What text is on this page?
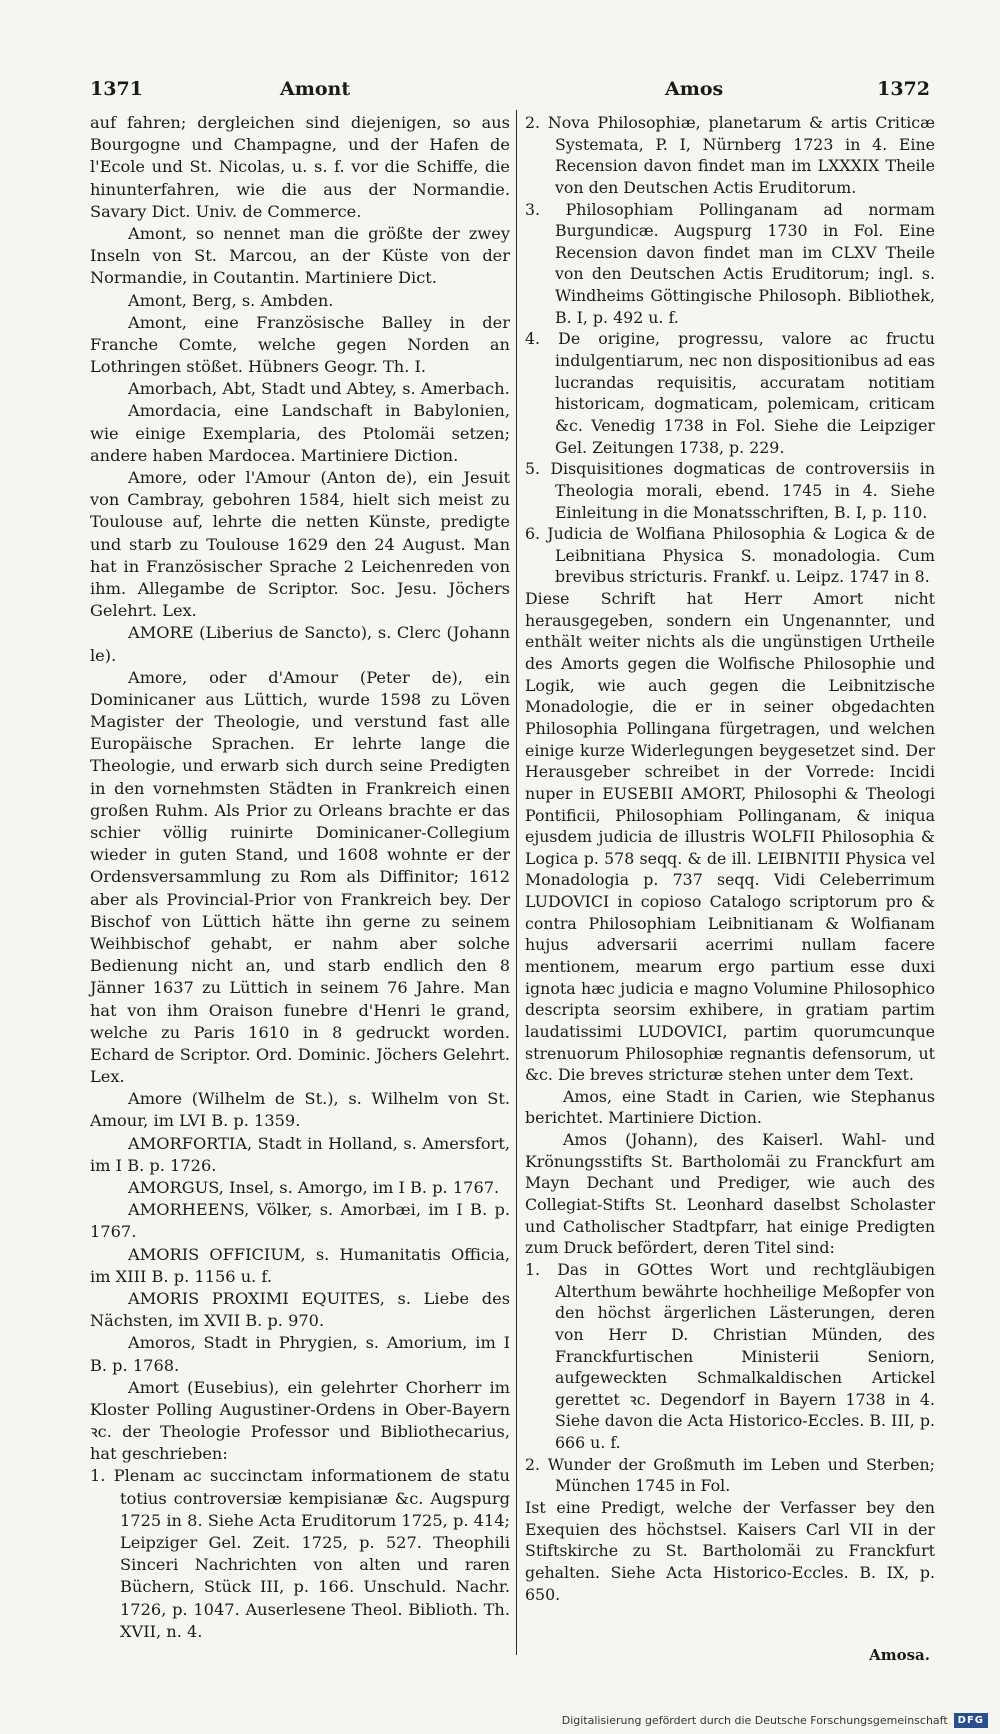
1371	Amont	Amos	1372

auf fahren; dergleichen sind diejenigen, so aus Bourgogne und Champagne, und der Hafen de l'Ecole und St. Nicolas, u. s. f. vor die Schiffe, die hinunterfahren, wie die aus der Normandie. Savary Dict. Univ. de Commerce.

Amont, so nennet man die größte der zwey Inseln von St. Marcou, an der Küste von der Normandie, in Coutantin. Martiniere Dict.

Amont, Berg, s. Ambden.

Amont, eine Französische Balley in der Franche Comte, welche gegen Norden an Lothringen stößet. Hübners Geogr. Th. I.

Amorbach, Abt, Stadt und Abtey, s. Amerbach.

Amordacia, eine Landschaft in Babylonien, wie einige Exemplaria, des Ptolomäi setzen; andere haben Mardocea. Martiniere Diction.

Amore, oder l'Amour (Anton de), ein Jesuit von Cambray, gebohren 1584, hielt sich meist zu Toulouse auf, lehrte die netten Künste, predigte und starb zu Toulouse 1629 den 24 August. Man hat in Französischer Sprache 2 Leichenreden von ihm. Allegambe de Scriptor. Soc. Jesu. Jöchers Gelehrt. Lex.

AMORE (Liberius de Sancto), s. Clerc (Johann le).

Amore, oder d'Amour (Peter de), ein Dominicaner aus Lüttich, wurde 1598 zu Löven Magister der Theologie, und verstund fast alle Europäische Sprachen. Er lehrte lange die Theologie, und erwarb sich durch seine Predigten in den vornehmsten Städten in Frankreich einen großen Ruhm. Als Prior zu Orleans brachte er das schier völlig ruinirte Dominicaner-Collegium wieder in guten Stand, und 1608 wohnte er der Ordensversammlung zu Rom als Diffinitor; 1612 aber als Provincial-Prior von Frankreich bey. Der Bischof von Lüttich hätte ihn gerne zu seinem Weihbischof gehabt, er nahm aber solche Bedienung nicht an, und starb endlich den 8 Jänner 1637 zu Lüttich in seinem 76 Jahre. Man hat von ihm Oraison funebre d'Henri le grand, welche zu Paris 1610 in 8 gedruckt worden. Echard de Scriptor. Ord. Dominic. Jöchers Gelehrt. Lex.

Amore (Wilhelm de St.), s. Wilhelm von St. Amour, im LVI B. p. 1359.

AMORFORTIA, Stadt in Holland, s. Amersfort, im I B. p. 1726.

AMORGUS, Insel, s. Amorgo, im I B. p. 1767.

AMORHEENS, Völker, s. Amorbæi, im I B. p. 1767.

AMORIS OFFICIUM, s. Humanitatis Officia, im XIII B. p. 1156 u. f.

AMORIS PROXIMI EQUITES, s. Liebe des Nächsten, im XVII B. p. 970.

Amoros, Stadt in Phrygien, s. Amorium, im I B. p. 1768.

Amort (Eusebius), ein gelehrter Chorherr im Kloster Polling Augustiner-Ordens in Ober-Bayern ꝛc. der Theologie Professor und Bibliothecarius, hat geschrieben:

1. Plenam ac succinctam informationem de statu totius controversiæ kempisianæ &c. Augspurg 1725 in 8. Siehe Acta Eruditorum 1725, p. 414; Leipziger Gel. Zeit. 1725, p. 527. Theophili Sinceri Nachrichten von alten und raren Büchern, Stück III, p. 166. Unschuld. Nachr. 1726, p. 1047. Auserlesene Theol. Biblioth. Th. XVII, n. 4.

2. Nova Philosophiæ, planetarum & artis Criticæ Systemata, P. I, Nürnberg 1723 in 4. Eine Recension davon findet man im LXXXIX Theile von den Deutschen Actis Eruditorum.

3. Philosophiam Pollinganam ad normam Burgundicæ. Augspurg 1730 in Fol. Eine Recension davon findet man im CLXV Theile von den Deutschen Actis Eruditorum; ingl. s. Windheims Göttingische Philosoph. Bibliothek, B. I, p. 492 u. f.

4. De origine, progressu, valore ac fructu indulgentiarum, nec non dispositionibus ad eas lucrandas requisitis, accuratam notitiam historicam, dogmaticam, polemicam, criticam &c. Venedig 1738 in Fol. Siehe die Leipziger Gel. Zeitungen 1738, p. 229.

5. Disquisitiones dogmaticas de controversiis in Theologia morali, ebend. 1745 in 4. Siehe Einleitung in die Monatsschriften, B. I, p. 110.

6. Judicia de Wolfiana Philosophia & Logica & de Leibnitiana Physica S. monadologia. Cum brevibus stricturis. Frankf. u. Leipz. 1747 in 8.

Diese Schrift hat Herr Amort nicht herausgegeben, sondern ein Ungenannter, und enthält weiter nichts als die ungünstigen Urtheile des Amorts gegen die Wolfische Philosophie und Logik, wie auch gegen die Leibnitzische Monadologie, die er in seiner obgedachten Philosophia Pollingana fürgetragen, und welchen einige kurze Widerlegungen beygesetzet sind. Der Herausgeber schreibet in der Vorrede: Incidi nuper in EUSEBII AMORT, Philosophi & Theologi Pontificii, Philosophiam Pollinganam, & iniqua ejusdem judicia de illustris WOLFII Philosophia & Logica p. 578 seqq. & de ill. LEIBNITII Physica vel Monadologia p. 737 seqq. Vidi Celeberrimum LUDOVICI in copioso Catalogo scriptorum pro & contra Philosophiam Leibnitianam & Wolfianam hujus adversarii acerrimi nullam facere mentionem, mearum ergo partium esse duxi ignota hæc judicia e magno Volumine Philosophico descripta seorsim exhibere, in gratiam partim laudatissimi LUDOVICI, partim quorumcunque strenuorum Philosophiæ regnantis defensorum, ut &c. Die breves stricturæ stehen unter dem Text.

Amos, eine Stadt in Carien, wie Stephanus berichtet. Martiniere Diction.

Amos (Johann), des Kaiserl. Wahl- und Krönungsstifts St. Bartholomäi zu Franckfurt am Mayn Dechant und Prediger, wie auch des Collegiat-Stifts St. Leonhard daselbst Scholaster und Catholischer Stadtpfarr, hat einige Predigten zum Druck befördert, deren Titel sind:

1. Das in GOttes Wort und rechtgläubigen Alterthum bewährte hochheilige Meßopfer von den höchst ärgerlichen Lästerungen, deren von Herr D. Christian Münden, des Franckfurtischen Ministerii Seniorn, aufgeweckten Schmalkaldischen Artickel gerettet ꝛc. Degendorf in Bayern 1738 in 4. Siehe davon die Acta Historico-Eccles. B. III, p. 666 u. f.

2. Wunder der Großmuth im Leben und Sterben; München 1745 in Fol.

Ist eine Predigt, welche der Verfasser bey den Exequien des höchstsel. Kaisers Carl VII in der Stiftskirche zu St. Bartholomäi zu Franckfurt gehalten. Siehe Acta Historico-Eccles. B. IX, p. 650.

Amosa.
Digitalisierung gefördert durch die Deutsche Forschungsgemeinschaft	DFG
